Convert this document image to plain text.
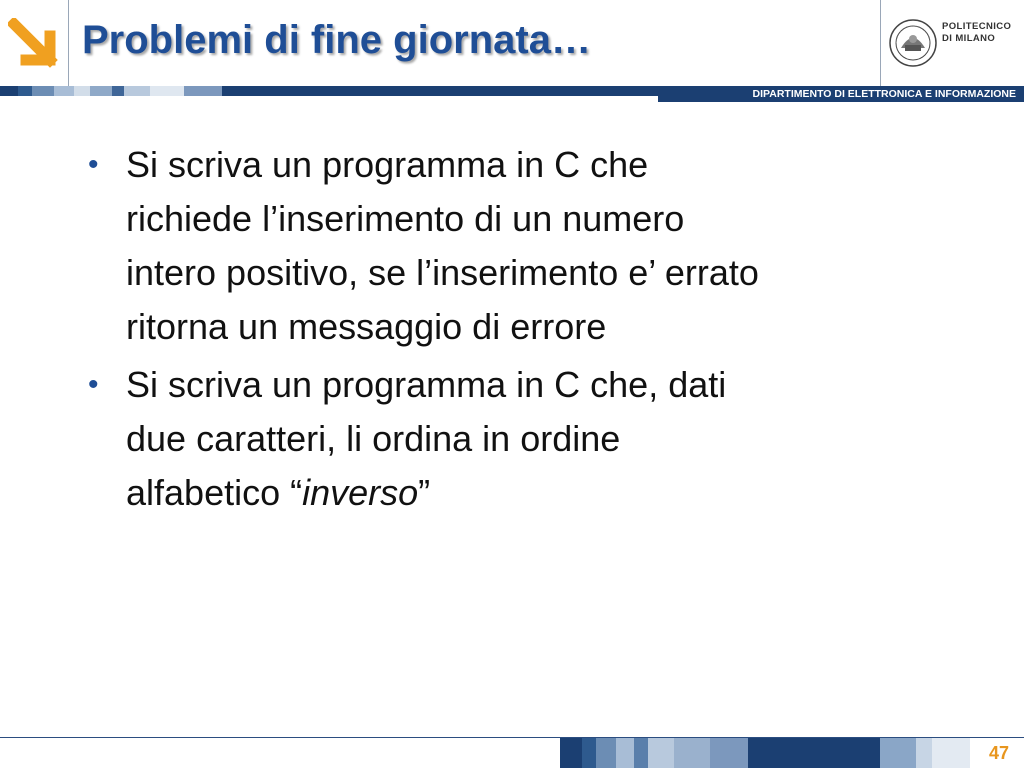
Problemi di fine giornata…	POLITECNICO
DI MILANO
DIPARTIMENTO DI ELETTRONICA E INFORMAZIONE
• Si scriva un programma in C che
richiede l’inserimento di un numero
intero positivo, se l’inserimento e’ errato
ritorna un messaggio di errore
• Si scriva un programma in C che, dati
due caratteri, li ordina in ordine
alfabetico “inverso”
47
